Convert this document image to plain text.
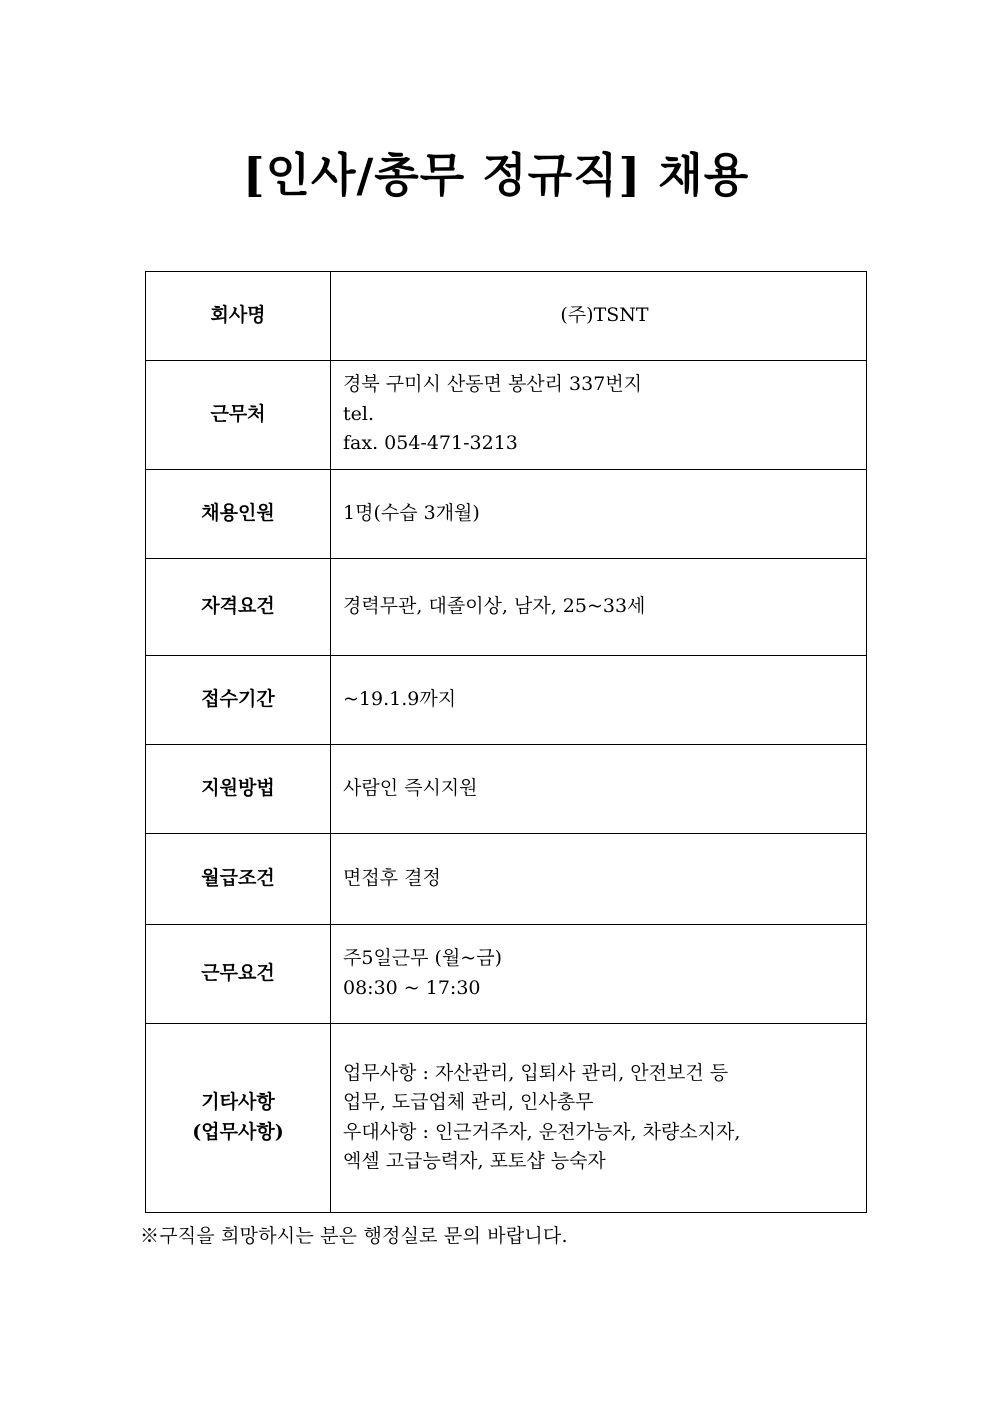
[인사/총무 정규직] 채용
회사명	(주)TSNT

근무처	경북 구미시 산동면 봉산리 337번지
tel.
fax. 054-471-3213

채용인원	1명(수습 3개월)

자격요건	경력무관, 대졸이상, 남자, 25~33세

접수기간	~19.1.9까지

지원방법	사람인 즉시지원

월급조건	면접후 결정

근무요건	주5일근무 (월~금)
08:30 ~ 17:30

기타사항
(업무사항)	업무사항 : 자산관리, 입퇴사 관리, 안전보건 등
업무, 도급업체 관리, 인사총무
우대사항 : 인근거주자, 운전가능자, 차량소지자,
엑셀 고급능력자, 포토샵 능숙자
※구직을 희망하시는 분은 행정실로 문의 바랍니다.
